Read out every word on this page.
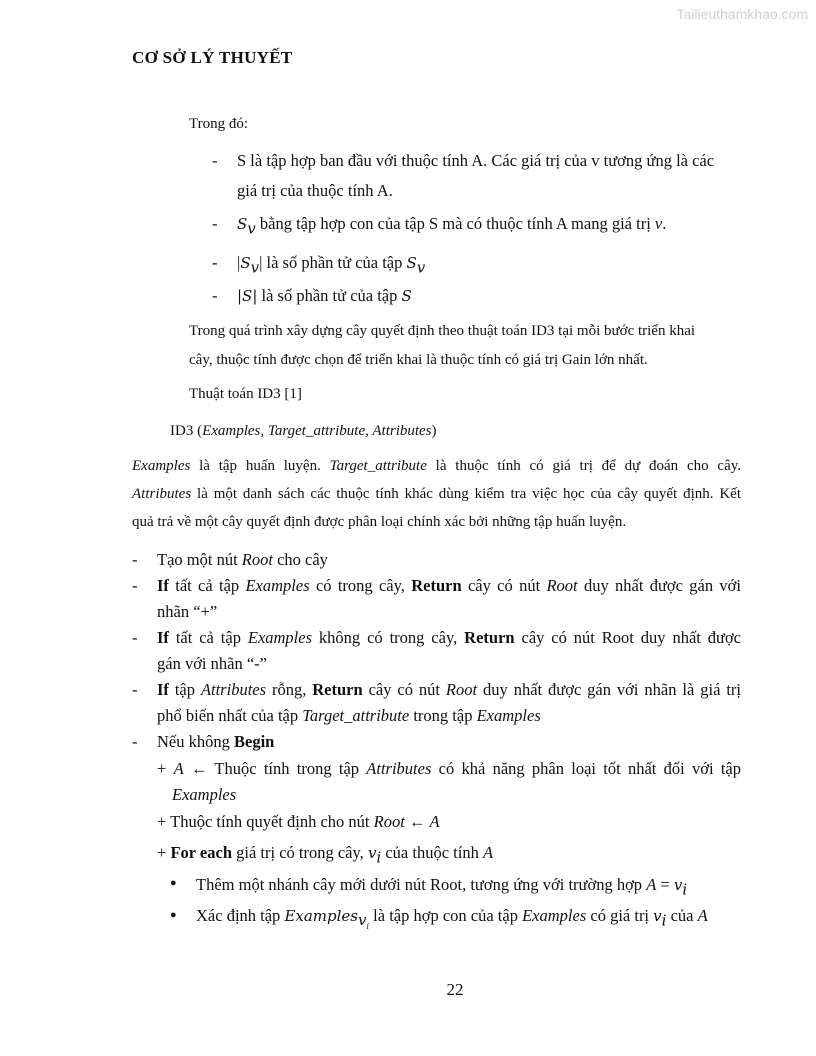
Tailieuthamkhao.com
CƠ SỞ LÝ THUYẾT
Trong đó:
- S là tập hợp ban đầu với thuộc tính A. Các giá trị của v tương ứng là các
giá trị của thuộc tính A.
- $S_v$ bằng tập hợp con của tập S mà có thuộc tính A mang giá trị v.
- $|S_v|$ là số phần tử của tập $S_v$
- |S| là số phần tử của tập S
Trong quá trình xây dựng cây quyết định theo thuật toán ID3 tại mỗi bước triển khai
cây, thuộc tính được chọn để triển khai là thuộc tính có giá trị Gain lớn nhất.
Thuật toán ID3 [1]
ID3 (Examples, Target_attribute, Attributes)
Examples là tập huấn luyện. Target_attribute là thuộc tính có giá trị để dự đoán cho cây.
Attributes là một danh sách các thuộc tính khác dùng kiểm tra việc học của cây quyết định. Kết
quả trả về một cây quyết định được phân loại chính xác bởi những tập huấn luyện.
- Tạo một nút Root cho cây
- If tất cả tập Examples có trong cây, Return cây có nút Root duy nhất được gán với
nhãn “+”
- If tất cả tập Examples không có trong cây, Return cây có nút Root duy nhất được
gán với nhãn “-”
- If tập Attributes rỗng, Return cây có nút Root duy nhất được gán với nhãn là giá trị
phổ biến nhất của tập Target_attribute trong tập Examples
- Nếu không Begin
+ A ← Thuộc tính trong tập Attributes có khả năng phân loại tốt nhất đối với tập
Examples
+ Thuộc tính quyết định cho nút Root ← A
+ For each giá trị có trong cây, $v_i$ của thuộc tính A
● Thêm một nhánh cây mới dưới nút Root, tương ứng với trường hợp $A = v_i$
● Xác định tập Examples$_{v_i}$ là tập hợp con của tập Examples có giá trị $v_i$ của A
22
